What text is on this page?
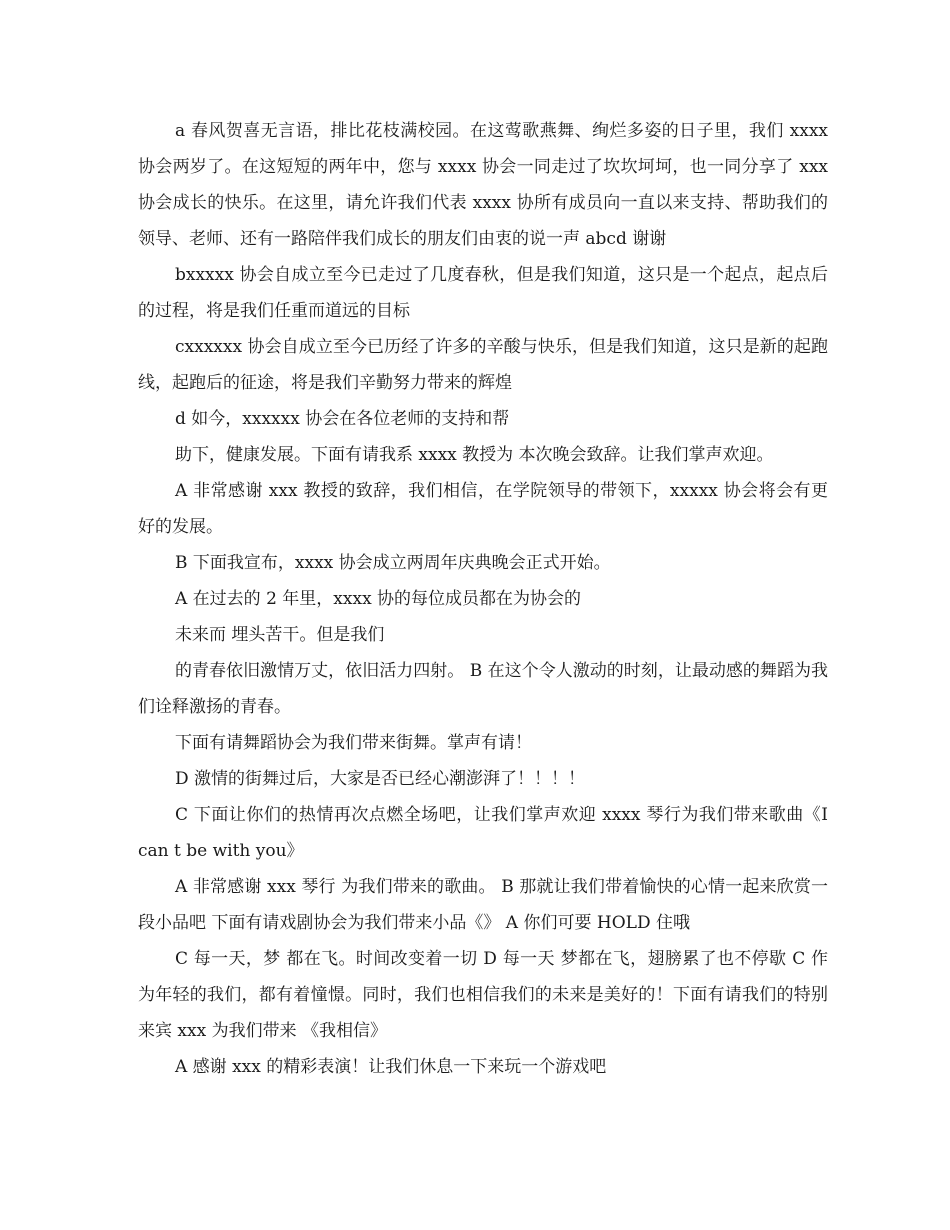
a 春风贺喜无言语，排比花枝满校园。在这莺歌燕舞、绚烂多姿的日子里，我们 xxxx 协会两岁了。在这短短的两年中，您与 xxxx 协会一同走过了坎坎坷坷，也一同分享了 xxx 协会成长的快乐。在这里，请允许我们代表 xxxx 协所有成员向一直以来支持、帮助我们的领导、老师、还有一路陪伴我们成长的朋友们由衷的说一声 abcd 谢谢

bxxxxx 协会自成立至今已走过了几度春秋，但是我们知道，这只是一个起点，起点后的过程，将是我们任重而道远的目标

cxxxxxx 协会自成立至今已历经了许多的辛酸与快乐，但是我们知道，这只是新的起跑线，起跑后的征途，将是我们辛勤努力带来的辉煌

d 如今，xxxxxx 协会在各位老师的支持和帮

助下，健康发展。下面有请我系 xxxx 教授为 本次晚会致辞。让我们掌声欢迎。

A 非常感谢 xxx 教授的致辞，我们相信，在学院领导的带领下，xxxxx 协会将会有更好的发展。

B 下面我宣布，xxxx 协会成立两周年庆典晚会正式开始。

A 在过去的 2 年里，xxxx 协的每位成员都在为协会的

未来而 埋头苦干。但是我们

的青春依旧激情万丈，依旧活力四射。 B 在这个令人激动的时刻，让最动感的舞蹈为我们诠释激扬的青春。

下面有请舞蹈协会为我们带来街舞。掌声有请！

D 激情的街舞过后，大家是否已经心潮澎湃了！！！！

C 下面让你们的热情再次点燃全场吧，让我们掌声欢迎 xxxx 琴行为我们带来歌曲《I can t be with you》

A 非常感谢 xxx 琴行 为我们带来的歌曲。 B 那就让我们带着愉快的心情一起来欣赏一段小品吧 下面有请戏剧协会为我们带来小品《》 A 你们可要 HOLD 住哦

C 每一天，梦 都在飞。时间改变着一切 D 每一天 梦都在飞，翅膀累了也不停歇 C 作为年轻的我们，都有着憧憬。同时，我们也相信我们的未来是美好的！下面有请我们的特别来宾 xxx 为我们带来 《我相信》

A 感谢 xxx 的精彩表演！让我们休息一下来玩一个游戏吧
